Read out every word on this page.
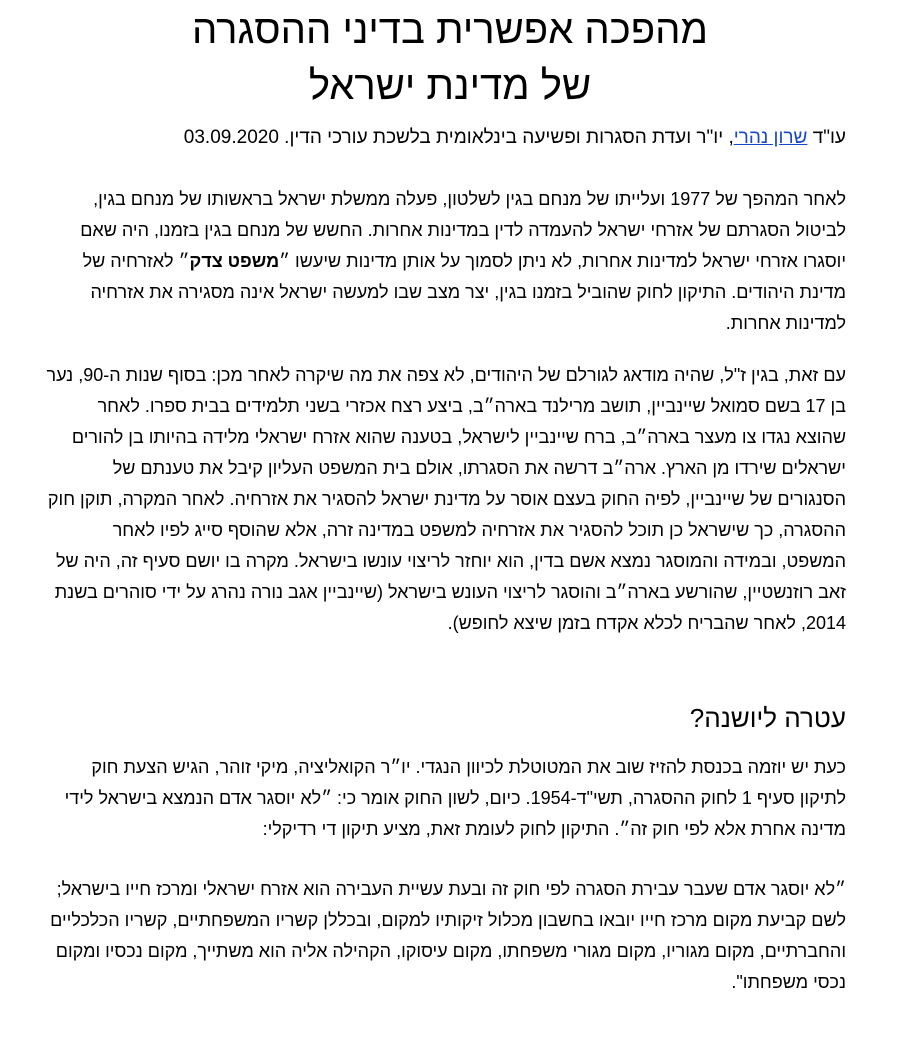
מהפכה אפשרית בדיני ההסגרה
של מדינת ישראל
עו"ד שרון נהרי, יו"ר ועדת הסגרות ופשיעה בינלאומית בלשכת עורכי הדין. 03.09.2020

לאחר המהפך של 1977 ועלייתו של מנחם בגין לשלטון, פעלה ממשלת ישראל בראשותו של מנחם בגין, לביטול הסגרתם של אזרחי ישראל להעמדה לדין במדינות אחרות. החשש של מנחם בגין בזמנו, היה שאם יוסגרו אזרחי ישראל למדינות אחרות, לא ניתן לסמוך על אותן מדינות שיעשו ״משפט צדק״ לאזרחיה של מדינת היהודים. התיקון לחוק שהוביל בזמנו בגין, יצר מצב שבו למעשה ישראל אינה מסגירה את אזרחיה למדינות אחרות.

עם זאת, בגין ז"ל, שהיה מודאג לגורלם של היהודים, לא צפה את מה שיקרה לאחר מכן: בסוף שנות ה-90, נער בן 17 בשם סמואל שיינביין, תושב מרילנד בארה״ב, ביצע רצח אכזרי בשני תלמידים בבית ספרו. לאחר שהוצא נגדו צו מעצר בארה״ב, ברח שיינביין לישראל, בטענה שהוא אזרח ישראלי מלידה בהיותו בן להורים ישראלים שירדו מן הארץ. ארה״ב דרשה את הסגרתו, אולם בית המשפט העליון קיבל את טענתם של הסנגורים של שיינביין, לפיה החוק בעצם אוסר על מדינת ישראל להסגיר את אזרחיה. לאחר המקרה, תוקן חוק ההסגרה, כך שישראל כן תוכל להסגיר את אזרחיה למשפט במדינה זרה, אלא שהוסף סייג לפיו לאחר המשפט, ובמידה והמוסגר נמצא אשם בדין, הוא יוחזר לריצוי עונשו בישראל. מקרה בו יושם סעיף זה, היה של זאב רוזנשטיין, שהורשע בארה״ב והוסגר לריצוי העונש בישראל (שיינביין אגב נורה נהרג על ידי סוהרים בשנת 2014, לאחר שהבריח לכלא אקדח בזמן שיצא לחופש).

עטרה ליושנה?

כעת יש יוזמה בכנסת להזיז שוב את המטוטלת לכיוון הנגדי. יו״ר הקואליציה, מיקי זוהר, הגיש הצעת חוק לתיקון סעיף 1 לחוק ההסגרה, תשי"ד-1954. כיום, לשון החוק אומר כי: ״לא יוסגר אדם הנמצא בישראל לידי מדינה אחרת אלא לפי חוק זה״. התיקון לחוק לעומת זאת, מציע תיקון די רדיקלי:

״לא יוסגר אדם שעבר עבירת הסגרה לפי חוק זה ובעת עשיית העבירה הוא אזרח ישראלי ומרכז חייו בישראל; לשם קביעת מקום מרכז חייו יובאו בחשבון מכלול זיקותיו למקום, ובכללן קשריו המשפחתיים, קשריו הכלכליים והחברתיים, מקום מגוריו, מקום מגורי משפחתו, מקום עיסוקו, הקהילה אליה הוא משתייך, מקום נכסיו ומקום נכסי משפחתו".
